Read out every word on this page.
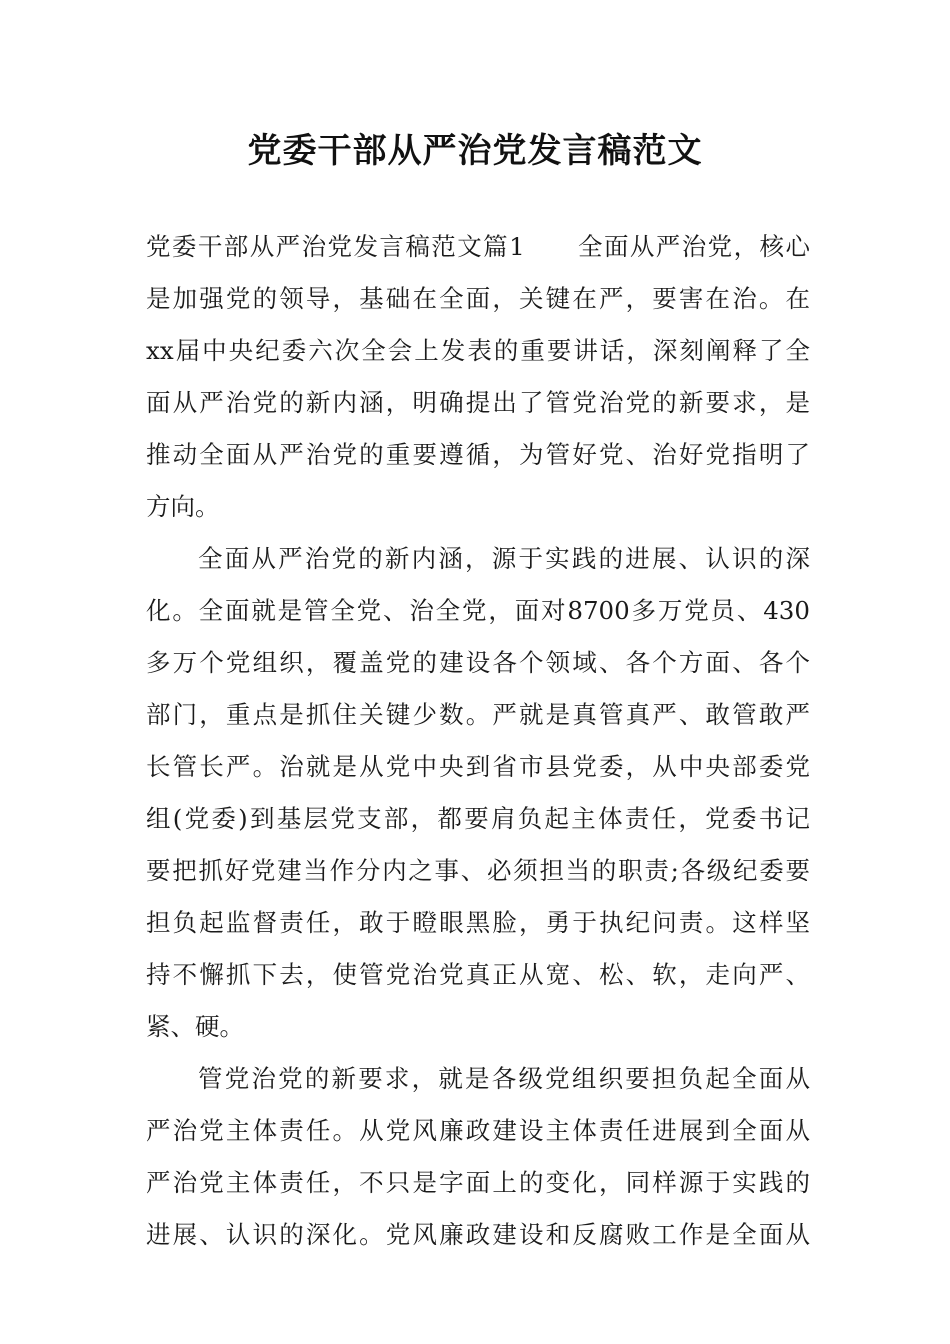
党委干部从严治党发言稿范文
党委干部从严治党发言稿范文篇1　　全面从严治党，核心
是加强党的领导，基础在全面，关键在严，要害在治。在
xx届中央纪委六次全会上发表的重要讲话，深刻阐释了全
面从严治党的新内涵，明确提出了管党治党的新要求，是
推动全面从严治党的重要遵循，为管好党、治好党指明了
方向。
全面从严治党的新内涵，源于实践的进展、认识的深
化。全面就是管全党、治全党，面对8700多万党员、430
多万个党组织，覆盖党的建设各个领域、各个方面、各个
部门，重点是抓住关键少数。严就是真管真严、敢管敢严
长管长严。治就是从党中央到省市县党委，从中央部委党
组(党委)到基层党支部，都要肩负起主体责任，党委书记
要把抓好党建当作分内之事、必须担当的职责;各级纪委要
担负起监督责任，敢于瞪眼黑脸，勇于执纪问责。这样坚
持不懈抓下去，使管党治党真正从宽、松、软，走向严、
紧、硬。
管党治党的新要求，就是各级党组织要担负起全面从
严治党主体责任。从党风廉政建设主体责任进展到全面从
严治党主体责任，不只是字面上的变化，同样源于实践的
进展、认识的深化。党风廉政建设和反腐败工作是全面从
